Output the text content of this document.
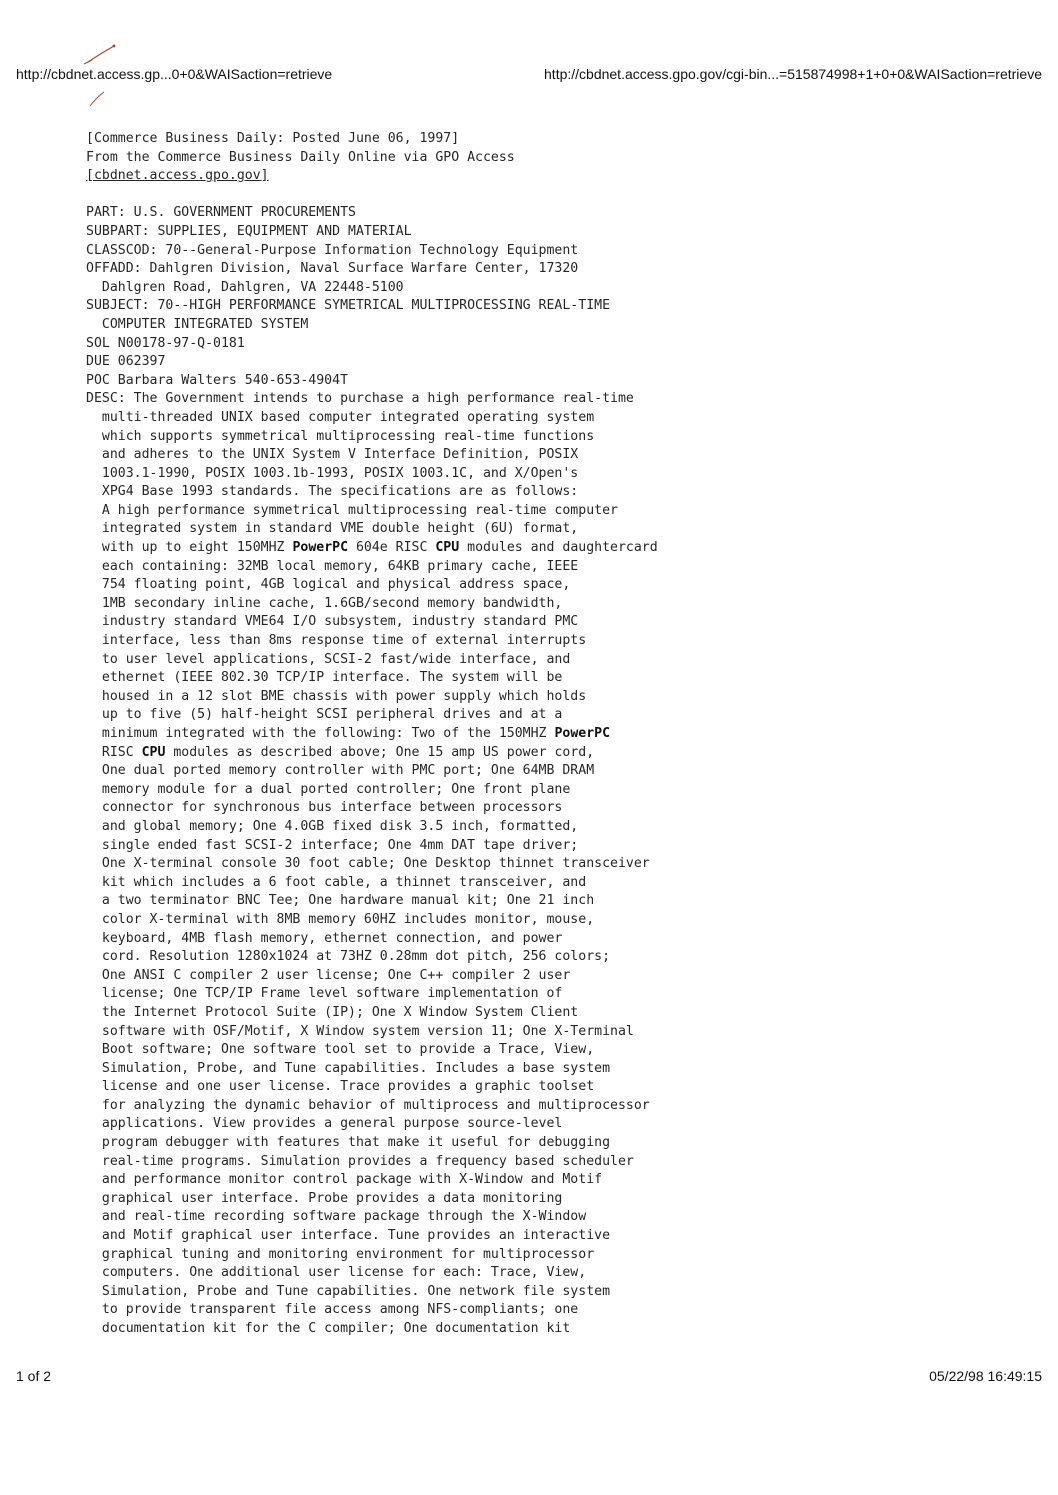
http://cbdnet.access.gp...0+0&WAISaction=retrieve	http://cbdnet.access.gpo.gov/cgi-bin...=515874998+1+0+0&WAISaction=retrieve
[Commerce Business Daily: Posted June 06, 1997]
From the Commerce Business Daily Online via GPO Access
[cbdnet.access.gpo.gov]
PART: U.S. GOVERNMENT PROCUREMENTS
SUBPART: SUPPLIES, EQUIPMENT AND MATERIAL
CLASSCOD: 70--General-Purpose Information Technology Equipment
OFFADD: Dahlgren Division, Naval Surface Warfare Center, 17320
Dahlgren Road, Dahlgren, VA 22448-5100
SUBJECT: 70--HIGH PERFORMANCE SYMETRICAL MULTIPROCESSING REAL-TIME
COMPUTER INTEGRATED SYSTEM
SOL N00178-97-Q-0181
DUE 062397
POC Barbara Walters 540-653-4904T
DESC: The Government intends to purchase a high performance real-time
multi-threaded UNIX based computer integrated operating system
which supports symmetrical multiprocessing real-time functions
and adheres to the UNIX System V Interface Definition, POSIX
1003.1-1990, POSIX 1003.1b-1993, POSIX 1003.1C, and X/Open's
XPG4 Base 1993 standards. The specifications are as follows:
A high performance symmetrical multiprocessing real-time computer
integrated system in standard VME double height (6U) format,
with up to eight 150MHZ PowerPC 604e RISC CPU modules and daughtercard
each containing: 32MB local memory, 64KB primary cache, IEEE
754 floating point, 4GB logical and physical address space,
1MB secondary inline cache, 1.6GB/second memory bandwidth,
industry standard VME64 I/O subsystem, industry standard PMC
interface, less than 8ms response time of external interrupts
to user level applications, SCSI-2 fast/wide interface, and
ethernet (IEEE 802.30 TCP/IP interface. The system will be
housed in a 12 slot BME chassis with power supply which holds
up to five (5) half-height SCSI peripheral drives and at a
minimum integrated with the following: Two of the 150MHZ PowerPC
RISC CPU modules as described above; One 15 amp US power cord,
One dual ported memory controller with PMC port; One 64MB DRAM
memory module for a dual ported controller; One front plane
connector for synchronous bus interface between processors
and global memory; One 4.0GB fixed disk 3.5 inch, formatted,
single ended fast SCSI-2 interface; One 4mm DAT tape driver;
One X-terminal console 30 foot cable; One Desktop thinnet transceiver
kit which includes a 6 foot cable, a thinnet transceiver, and
a two terminator BNC Tee; One hardware manual kit; One 21 inch
color X-terminal with 8MB memory 60HZ includes monitor, mouse,
keyboard, 4MB flash memory, ethernet connection, and power
cord. Resolution 1280x1024 at 73HZ 0.28mm dot pitch, 256 colors;
One ANSI C compiler 2 user license; One C++ compiler 2 user
license; One TCP/IP Frame level software implementation of
the Internet Protocol Suite (IP); One X Window System Client
software with OSF/Motif, X Window system version 11; One X-Terminal
Boot software; One software tool set to provide a Trace, View,
Simulation, Probe, and Tune capabilities. Includes a base system
license and one user license. Trace provides a graphic toolset
for analyzing the dynamic behavior of multiprocess and multiprocessor
applications. View provides a general purpose source-level
program debugger with features that make it useful for debugging
real-time programs. Simulation provides a frequency based scheduler
and performance monitor control package with X-Window and Motif
graphical user interface. Probe provides a data monitoring
and real-time recording software package through the X-Window
and Motif graphical user interface. Tune provides an interactive
graphical tuning and monitoring environment for multiprocessor
computers. One additional user license for each: Trace, View,
Simulation, Probe and Tune capabilities. One network file system
to provide transparent file access among NFS-compliants; one
documentation kit for the C compiler; One documentation kit
1 of 2	05/22/98 16:49:15
